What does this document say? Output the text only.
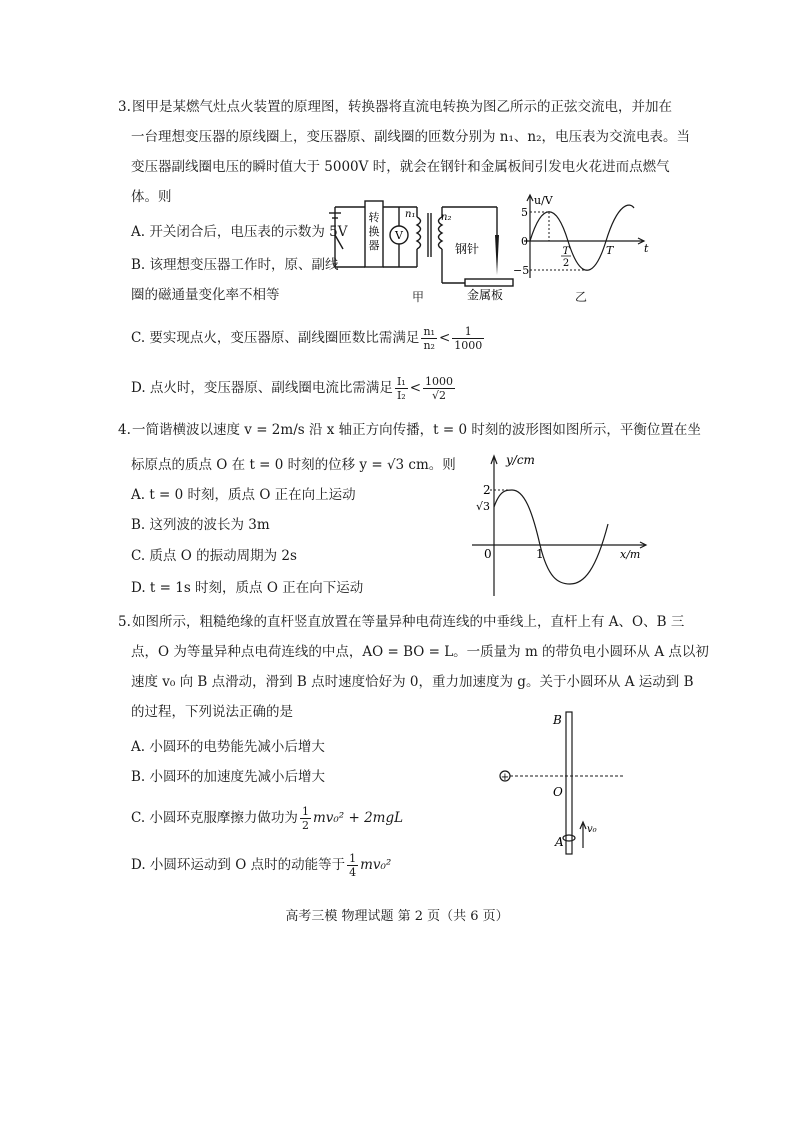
3. 图甲是某燃气灶点火装置的原理图，转换器将直流电转换为图乙所示的正弦交流电，并加在
一台理想变压器的原线圈上，变压器原、副线圈的匝数分别为 n₁、n₂，电压表为交流电表。当
变压器副线圈电压的瞬时值大于 5000V 时，就会在钢针和金属板间引发电火花进而点燃气
体。则
A. 开关闭合后，电压表的示数为 5V
B. 该理想变压器工作时，原、副线
圈的磁通量变化率不相等
C. 要实现点火，变压器原、副线圈匝数比需满足 $\frac{\text{n₁}}{\text{n₂}} < \frac{1}{1000}$
D. 点火时，变压器原、副线圈电流比需满足 $\frac{\text{I₁}}{\text{I₂}} < \frac{1000}{√2}$
转换器
V
n₁	n₂
钢针
金属板
甲
u/V
5
0
−5
T
2
T	t
乙
4. 一简谐横波以速度 v = 2m/s 沿 x 轴正方向传播，t = 0 时刻的波形图如图所示，平衡位置在坐
标原点的质点 O 在 t = 0 时刻的位移 y = √3 cm。则
A. t = 0 时刻，质点 O 正在向上运动
B. 这列波的波长为 3m
C. 质点 O 的振动周期为 2s
D. t = 1s 时刻，质点 O 正在向下运动
y/cm
2
√3
0	1	x/m
5. 如图所示，粗糙绝缘的直杆竖直放置在等量异种电荷连线的中垂线上，直杆上有 A、O、B 三
点，O 为等量异种点电荷连线的中点，AO = BO = L。一质量为 m 的带负电小圆环从 A 点以初
速度 v₀ 向 B 点滑动，滑到 B 点时速度恰好为 0，重力加速度为 g。关于小圆环从 A 运动到 B
的过程，下列说法正确的是
A. 小圆环的电势能先减小后增大
B. 小圆环的加速度先减小后增大
C. 小圆环克服摩擦力做功为 $\frac{1}{2} mv_0^2 + 2mgL$
D. 小圆环运动到 O 点时的动能等于 $\frac{1}{4} mv_0^2$
+
B
O
A
v₀
高考三模 物理试题 第 2 页（共 6 页）
